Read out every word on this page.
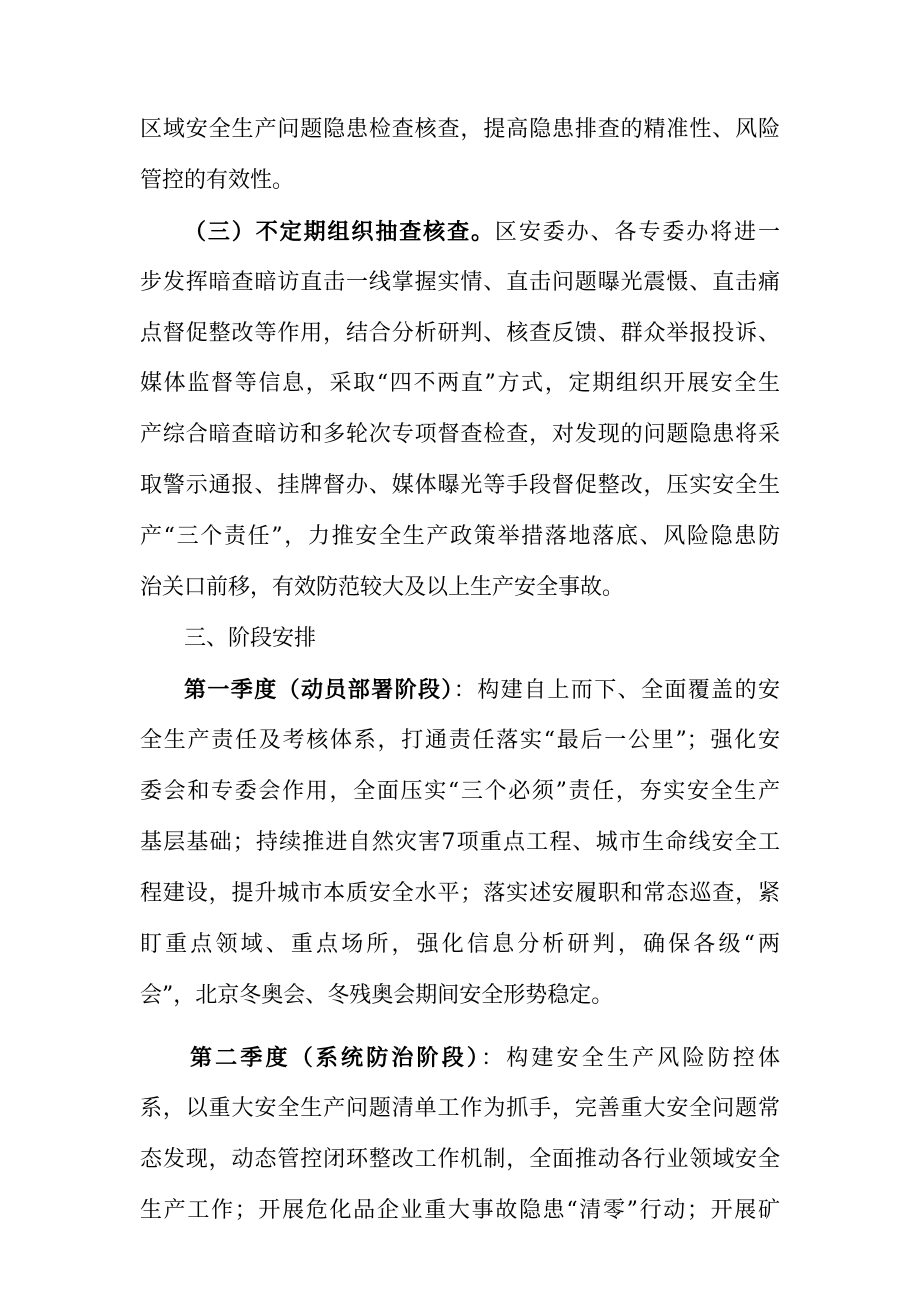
区域安全生产问题隐患检查核查，提高隐患排查的精准性、风险
管控的有效性。
（三）不定期组织抽查核查。区安委办、各专委办将进一
步发挥暗查暗访直击一线掌握实情、直击问题曝光震慑、直击痛
点督促整改等作用，结合分析研判、核查反馈、群众举报投诉、
媒体监督等信息，采取“四不两直”方式，定期组织开展安全生
产综合暗查暗访和多轮次专项督查检查，对发现的问题隐患将采
取警示通报、挂牌督办、媒体曝光等手段督促整改，压实安全生
产“三个责任”，力推安全生产政策举措落地落底、风险隐患防
治关口前移，有效防范较大及以上生产安全事故。
三、阶段安排
第一季度（动员部署阶段）：构建自上而下、全面覆盖的安
全生产责任及考核体系，打通责任落实“最后一公里”；强化安
委会和专委会作用，全面压实“三个必须”责任，夯实安全生产
基层基础；持续推进自然灾害7项重点工程、城市生命线安全工
程建设，提升城市本质安全水平；落实述安履职和常态巡查，紧
盯重点领域、重点场所，强化信息分析研判，确保各级“两
会”，北京冬奥会、冬残奥会期间安全形势稳定。
第二季度（系统防治阶段）：构建安全生产风险防控体
系，以重大安全生产问题清单工作为抓手，完善重大安全问题常
态发现，动态管控闭环整改工作机制，全面推动各行业领域安全
生产工作；开展危化品企业重大事故隐患“清零”行动；开展矿
